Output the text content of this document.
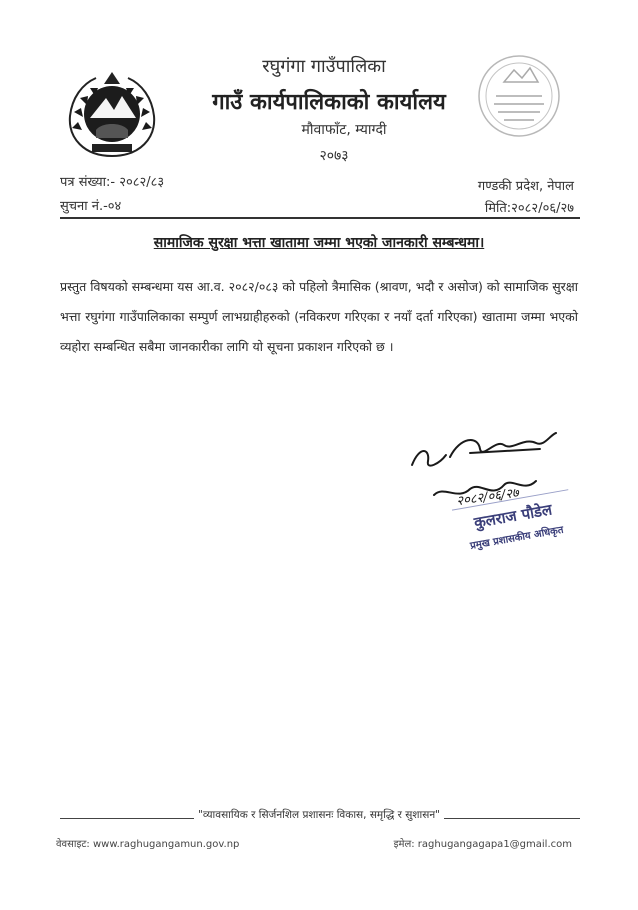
रघुगंगा गाउँपालिका
गाउँ कार्यपालिकाको कार्यालय
मौवाफाँट, म्याग्दी
२०७३
पत्र संख्या:- २०८२/८३
सुचना नं.-०४
गण्डकी प्रदेश, नेपाल
मिति:२०८२/०६/२७
सामाजिक सुरक्षा भत्ता खातामा जम्मा भएको जानकारी सम्बन्धमा।
प्रस्तुत विषयको सम्बन्धमा यस आ.व. २०८२/०८३ को पहिलो त्रैमासिक (श्रावण, भदौ र असोज) को सामाजिक सुरक्षा भत्ता रघुगंगा गाउँपालिकाका सम्पुर्ण लाभग्राहीहरुको (नविकरण गरिएका र नयाँ दर्ता गरिएका) खातामा जम्मा भएको व्यहोरा सम्बन्धित सबैमा जानकारीका लागि यो सूचना प्रकाशन गरिएको छ ।
२०८२/०६/२७
कुलराज पौडेल
प्रमुख प्रशासकीय अधिकृत
"व्यावसायिक र सिर्जनशिल प्रशासनः विकास, समृद्धि र सुशासन"
वेवसाइट: www.raghugangamun.gov.np	इमेल: raghugangagapa1@gmail.com
